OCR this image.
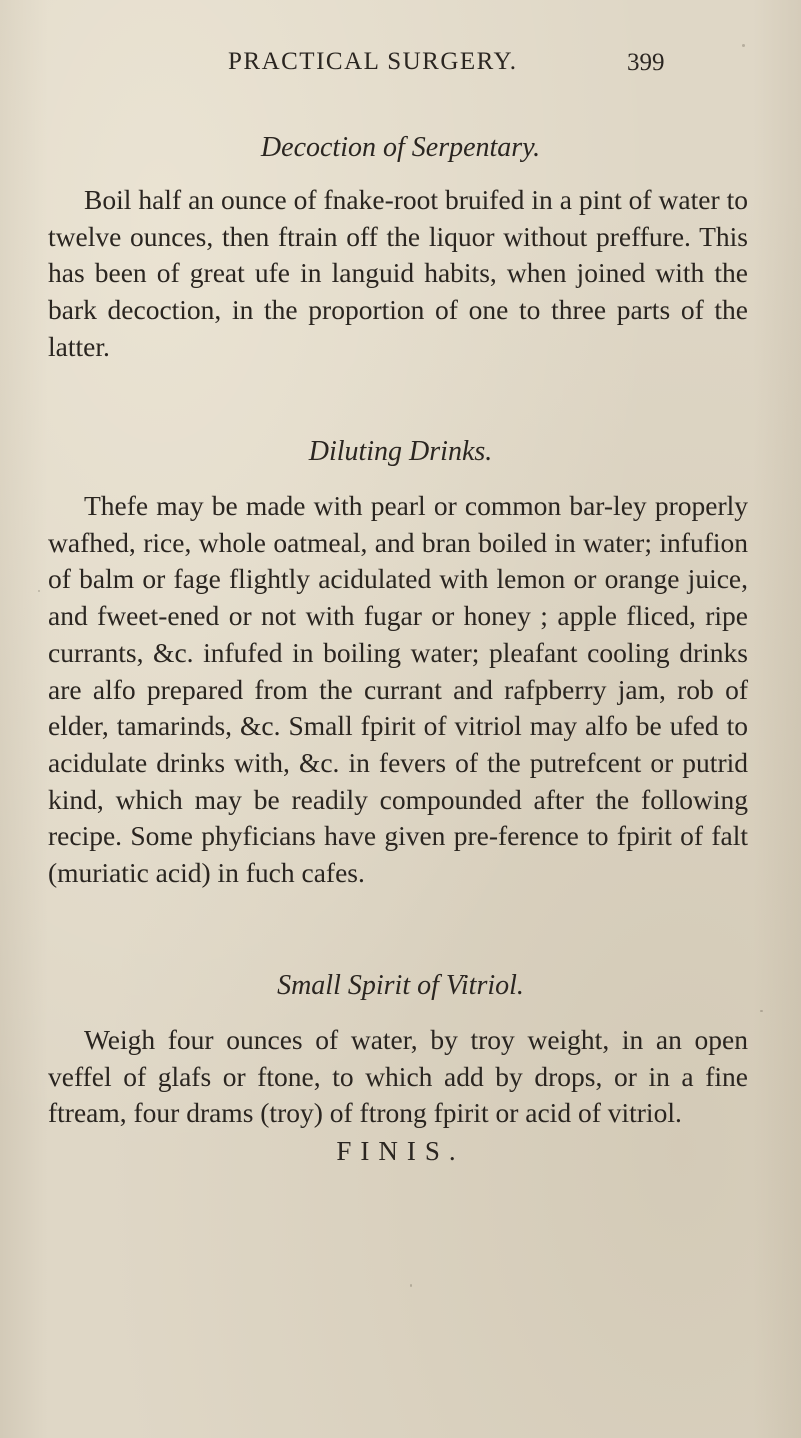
PRACTICAL SURGERY.	399
Decoction of Serpentary.

Boil half an ounce of fnake-root bruifed in a pint of water to twelve ounces, then ftrain off the liquor without preffure. This has been of great ufe in languid habits, when joined with the bark decoction, in the proportion of one to three parts of the latter.

Diluting Drinks.

Thefe may be made with pearl or common bar-ley properly wafhed, rice, whole oatmeal, and bran boiled in water; infufion of balm or fage flightly acidulated with lemon or orange juice, and fweet-ened or not with fugar or honey ; apple fliced, ripe currants, &c. infufed in boiling water; pleafant cooling drinks are alfo prepared from the currant and rafpberry jam, rob of elder, tamarinds, &c. Small fpirit of vitriol may alfo be ufed to acidulate drinks with, &c. in fevers of the putrefcent or putrid kind, which may be readily compounded after the following recipe. Some phyficians have given pre-ference to fpirit of falt (muriatic acid) in fuch cafes.

Small Spirit of Vitriol.

Weigh four ounces of water, by troy weight, in an open veffel of glafs or ftone, to which add by drops, or in a fine ftream, four drams (troy) of ftrong fpirit or acid of vitriol.

FINIS.
